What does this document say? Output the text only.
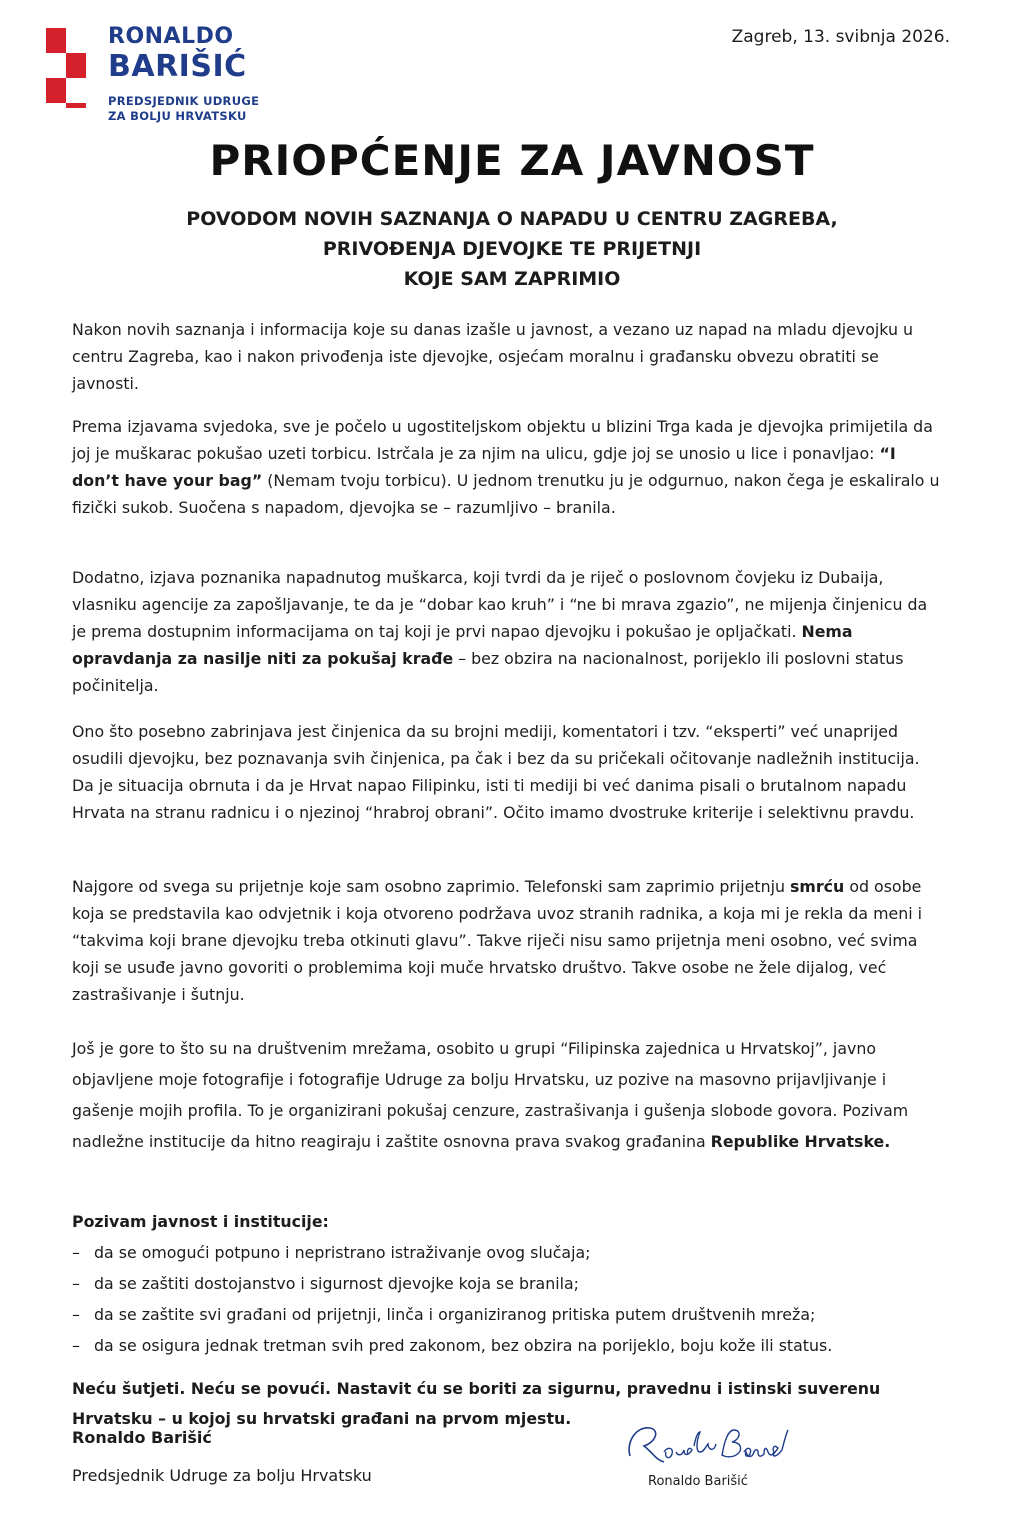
RONALDO
BARIŠIĆ
PREDSJEDNIK UDRUGE
ZA BOLJU HRVATSKU
Zagreb, 13. svibnja 2026.
PRIOPĆENJE ZA JAVNOST
POVODOM NOVIH SAZNANJA O NAPADU U CENTRU ZAGREBA,
PRIVOĐENJA DJEVOJKE TE PRIJETNJI
KOJE SAM ZAPRIMIO

Nakon novih saznanja i informacija koje su danas izašle u javnost, a vezano uz napad na mladu djevojku u centru Zagreba, kao i nakon privođenja iste djevojke, osjećam moralnu i građansku obvezu obratiti se javnosti.

Prema izjavama svjedoka, sve je počelo u ugostiteljskom objektu u blizini Trga kada je djevojka primijetila da joj je muškarac pokušao uzeti torbicu. Istrčala je za njim na ulicu, gdje joj se unosio u lice i ponavljao: “I don’t have your bag” (Nemam tvoju torbicu). U jednom trenutku ju je odgurnuo, nakon čega je eskaliralo u fizički sukob. Suočena s napadom, djevojka se – razumljivo – branila.

Dodatno, izjava poznanika napadnutog muškarca, koji tvrdi da je riječ o poslovnom čovjeku iz Dubaija, vlasniku agencije za zapošljavanje, te da je “dobar kao kruh” i “ne bi mrava zgazio”, ne mijenja činjenicu da je prema dostupnim informacijama on taj koji je prvi napao djevojku i pokušao je opljačkati. Nema opravdanja za nasilje niti za pokušaj krađe – bez obzira na nacionalnost, porijeklo ili poslovni status počinitelja.

Ono što posebno zabrinjava jest činjenica da su brojni mediji, komentatori i tzv. “eksperti” već unaprijed osudili djevojku, bez poznavanja svih činjenica, pa čak i bez da su pričekali očitovanje nadležnih institucija. Da je situacija obrnuta i da je Hrvat napao Filipinku, isti ti mediji bi već danima pisali o brutalnom napadu Hrvata na stranu radnicu i o njezinoj “hrabroj obrani”. Očito imamo dvostruke kriterije i selektivnu pravdu.

Najgore od svega su prijetnje koje sam osobno zaprimio. Telefonski sam zaprimio prijetnju smrću od osobe koja se predstavila kao odvjetnik i koja otvoreno podržava uvoz stranih radnika, a koja mi je rekla da meni i “takvima koji brane djevojku treba otkinuti glavu”. Takve riječi nisu samo prijetnja meni osobno, već svima koji se usuđe javno govoriti o problemima koji muče hrvatsko društvo. Takve osobe ne žele dijalog, već zastrašivanje i šutnju.

Još je gore to što su na društvenim mrežama, osobito u grupi “Filipinska zajednica u Hrvatskoj”, javno objavljene moje fotografije i fotografije Udruge za bolju Hrvatsku, uz pozive na masovno prijavljivanje i gašenje mojih profila. To je organizirani pokušaj cenzure, zastrašivanja i gušenja slobode govora. Pozivam nadležne institucije da hitno reagiraju i zaštite osnovna prava svakog građanina Republike Hrvatske.

Pozivam javnost i institucije:
– da se omogući potpuno i nepristrano istraživanje ovog slučaja;
– da se zaštiti dostojanstvo i sigurnost djevojke koja se branila;
– da se zaštite svi građani od prijetnji, linča i organiziranog pritiska putem društvenih mreža;
– da se osigura jednak tretman svih pred zakonom, bez obzira na porijeklo, boju kože ili status.
Neću šutjeti. Neću se povući. Nastavit ću se boriti za sigurnu, pravednu i istinski suverenu Hrvatsku – u kojoj su hrvatski građani na prvom mjestu.
Ronaldo Barišić
Predsjednik Udruge za bolju Hrvatsku	Ronaldo Barišić
